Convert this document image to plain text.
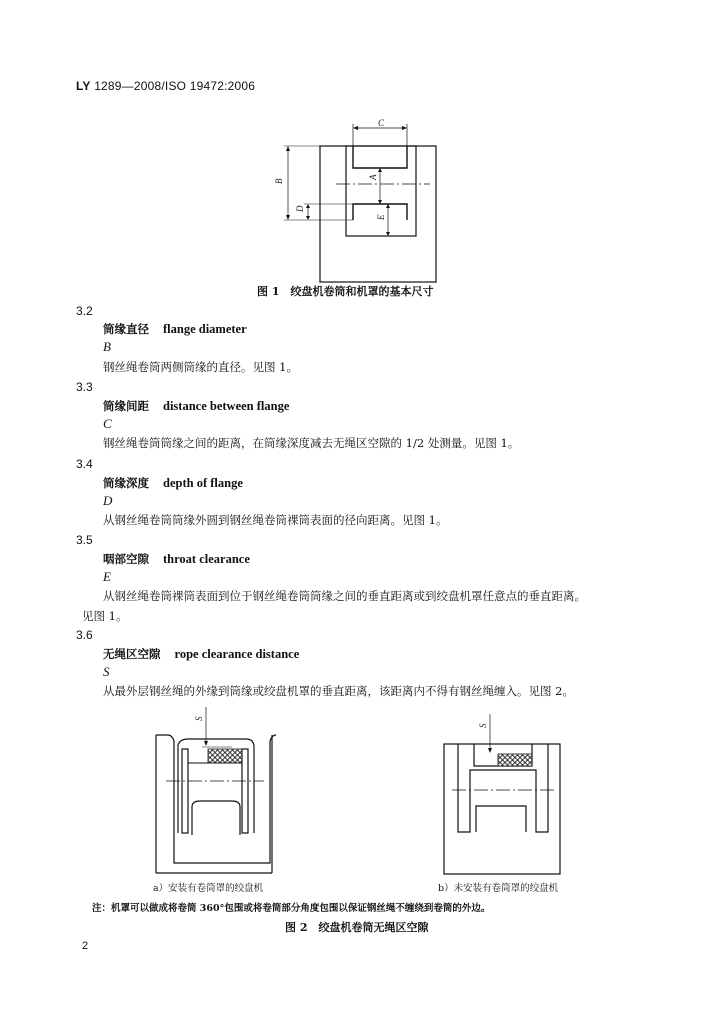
LY 1289—2008/ISO 19472:2006
C
B
D
A
E
图 1　绞盘机卷筒和机罩的基本尺寸
3.2
筒缘直径 flange diameter
B
钢丝绳卷筒两侧筒缘的直径。见图 1。
3.3
筒缘间距 distance between flange
C
钢丝绳卷筒筒缘之间的距离，在筒缘深度减去无绳区空隙的 1/2 处测量。见图 1。
3.4
筒缘深度 depth of flange
D
从钢丝绳卷筒筒缘外圆到钢丝绳卷筒裸筒表面的径向距离。见图 1。
3.5
咽部空隙 throat clearance
E
从钢丝绳卷筒裸筒表面到位于钢丝绳卷筒筒缘之间的垂直距离或到绞盘机罩任意点的垂直距离。
见图 1。
3.6
无绳区空隙 rope clearance distance
S
从最外层钢丝绳的外缘到筒缘或绞盘机罩的垂直距离，该距离内不得有钢丝绳缠入。见图 2。
S
a）安装有卷筒罩的绞盘机
S
b）未安装有卷筒罩的绞盘机
注：机罩可以做成将卷筒 360°包围或将卷筒部分角度包围以保证钢丝绳不缠绕到卷筒的外边。
图 2　绞盘机卷筒无绳区空隙
2
